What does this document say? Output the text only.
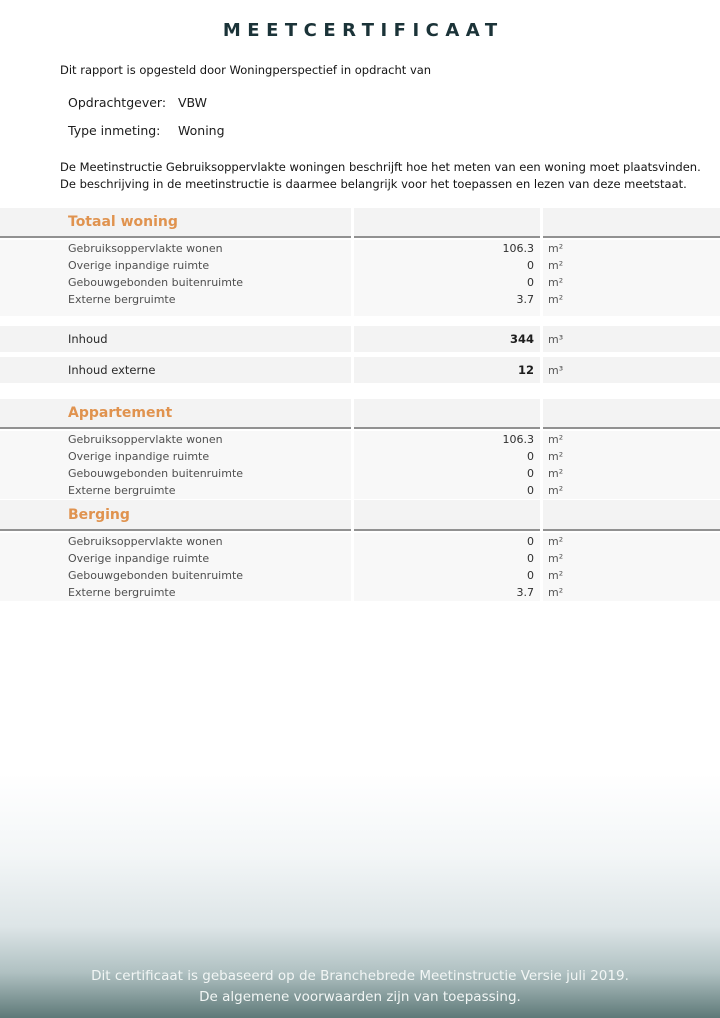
MEETCERTIFICAAT
Dit rapport is opgesteld door Woningperspectief in opdracht van
Opdrachtgever: VBW
Type inmeting:	Woning
De Meetinstructie Gebruiksoppervlakte woningen beschrijft hoe het meten van een woning moet plaatsvinden.
De beschrijving in de meetinstructie is daarmee belangrijk voor het toepassen en lezen van deze meetstaat.
Totaal woning
Gebruiksoppervlakte wonen	106.3	m²
Overige inpandige ruimte	0	m²
Gebouwgebonden buitenruimte	0	m²
Externe bergruimte	3.7	m²
Inhoud	344	m³
Inhoud externe	12	m³
Appartement
Gebruiksoppervlakte wonen	106.3	m²
Overige inpandige ruimte	0	m²
Gebouwgebonden buitenruimte	0	m²
Externe bergruimte	0	m²
Berging
Gebruiksoppervlakte wonen	0	m²
Overige inpandige ruimte	0	m²
Gebouwgebonden buitenruimte	0	m²
Externe bergruimte	3.7	m²
Dit certificaat is gebaseerd op de Branchebrede Meetinstructie Versie juli 2019.
De algemene voorwaarden zijn van toepassing.
